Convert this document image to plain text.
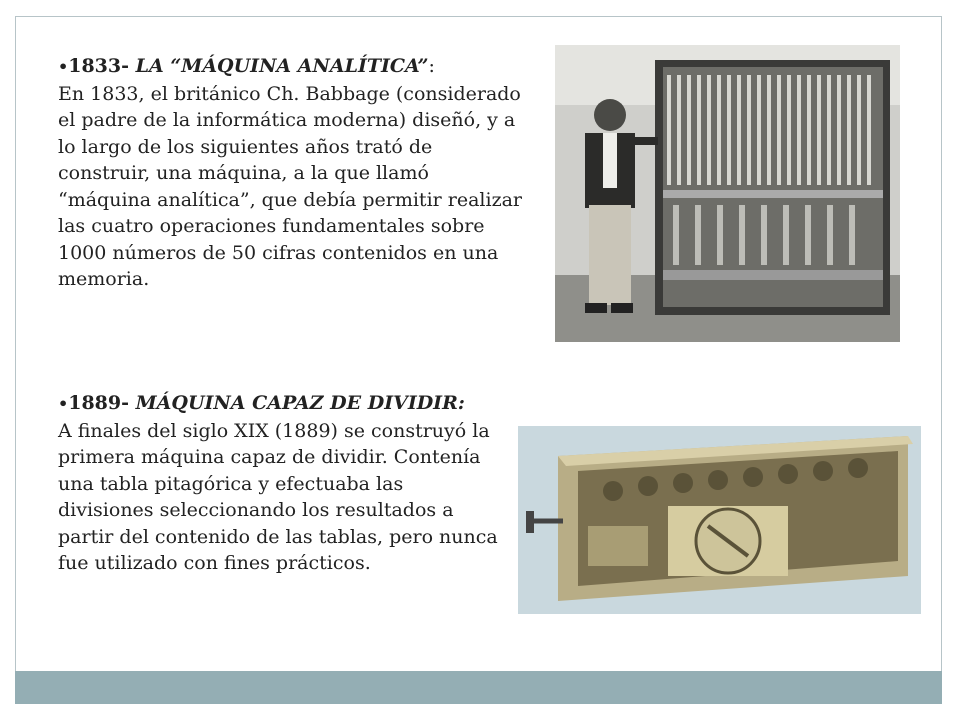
•1833- LA “MÁQUINA ANALÍTICA”:
En 1833, el británico Ch. Babbage (considerado el padre de la informática moderna) diseñó, y a lo largo de los siguientes años trató de construir, una máquina, a la que llamó “máquina analítica”, que debía permitir realizar las cuatro operaciones fundamentales sobre 1000 números de 50 cifras contenidos en una memoria.

•1889- MÁQUINA CAPAZ DE DIVIDIR:
A finales del siglo XIX (1889) se construyó la primera máquina capaz de dividir. Contenía una tabla pitagórica y efectuaba las divisiones seleccionando los resultados a partir del contenido de las tablas, pero nunca fue utilizado con fines prácticos.
